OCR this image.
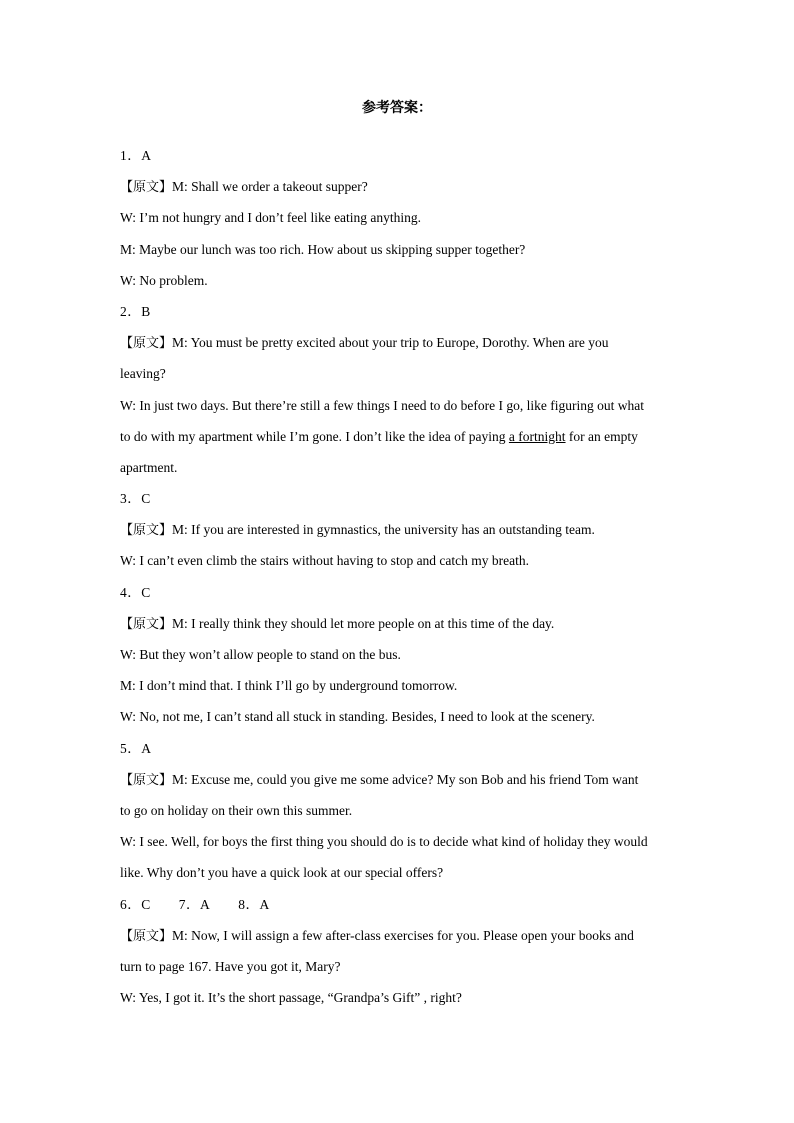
参考答案：
1．A
【原文】M: Shall we order a takeout supper?
W: I’m not hungry and I don’t feel like eating anything.
M: Maybe our lunch was too rich. How about us skipping supper together?
W: No problem.
2．B
【原文】M: You must be pretty excited about your trip to Europe, Dorothy. When are you
leaving?
W: In just two days. But there’re still a few things I need to do before I go, like figuring out what
to do with my apartment while I’m gone. I don’t like the idea of paying a fortnight for an empty
apartment.
3．C
【原文】M: If you are interested in gymnastics, the university has an outstanding team.
W: I can’t even climb the stairs without having to stop and catch my breath.
4．C
【原文】M: I really think they should let more people on at this time of the day.
W: But they won’t allow people to stand on the bus.
M: I don’t mind that. I think I’ll go by underground tomorrow.
W: No, not me, I can’t stand all stuck in standing. Besides, I need to look at the scenery.
5．A
【原文】M: Excuse me, could you give me some advice? My son Bob and his friend Tom want
to go on holiday on their own this summer.
W: I see. Well, for boys the first thing you should do is to decide what kind of holiday they would
like. Why don’t you have a quick look at our special offers?
6．C 7．A 8．A
【原文】M: Now, I will assign a few after-class exercises for you. Please open your books and
turn to page 167. Have you got it, Mary?
W: Yes, I got it. It’s the short passage, “Grandpa’s Gift” , right?
